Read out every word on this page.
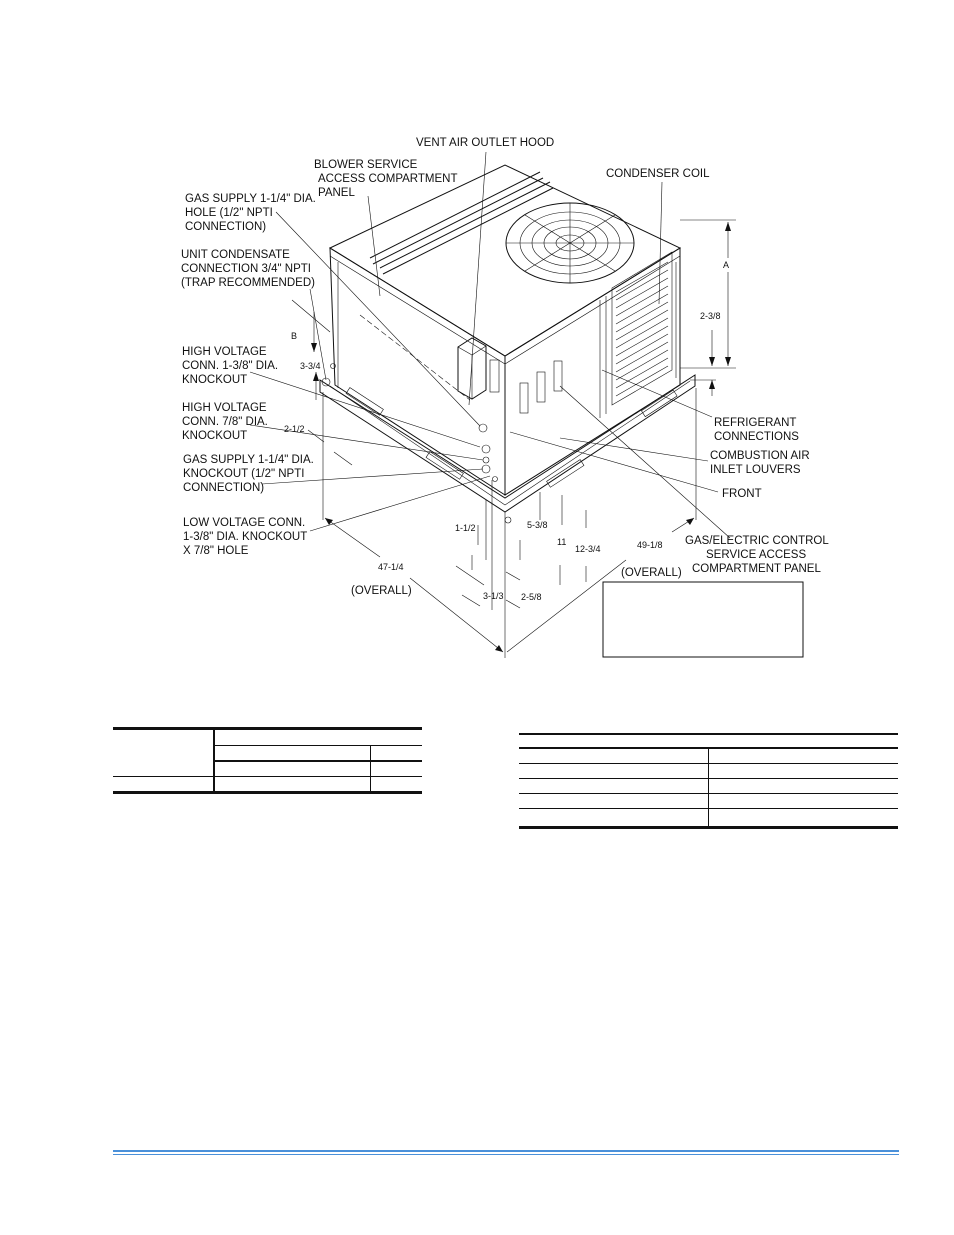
VENT AIR OUTLET HOOD
BLOWER SERVICE
ACCESS COMPARTMENT
PANEL
CONDENSER COIL
GAS SUPPLY 1-1/4" DIA.
HOLE (1/2" NPTI
CONNECTION)
UNIT CONDENSATE
CONNECTION 3/4" NPTI
(TRAP RECOMMENDED)
HIGH VOLTAGE
CONN. 1-3/8" DIA.
KNOCKOUT
HIGH VOLTAGE
CONN. 7/8" DIA.
KNOCKOUT
GAS SUPPLY 1-1/4" DIA.
KNOCKOUT (1/2" NPTI
CONNECTION)
LOW VOLTAGE CONN.
1-3/8" DIA. KNOCKOUT
X 7/8" HOLE
REFRIGERANT
CONNECTIONS
COMBUSTION AIR
INLET LOUVERS
FRONT
GAS/ELECTRIC CONTROL
SERVICE ACCESS
COMPARTMENT PANEL
(OVERALL)
(OVERALL)
A
B
2-3/8
3-3/4
2-1/2
1-1/2	5-3/8
11
12-3/4	49-1/8
47-1/4
3-1/3 2-5/8
